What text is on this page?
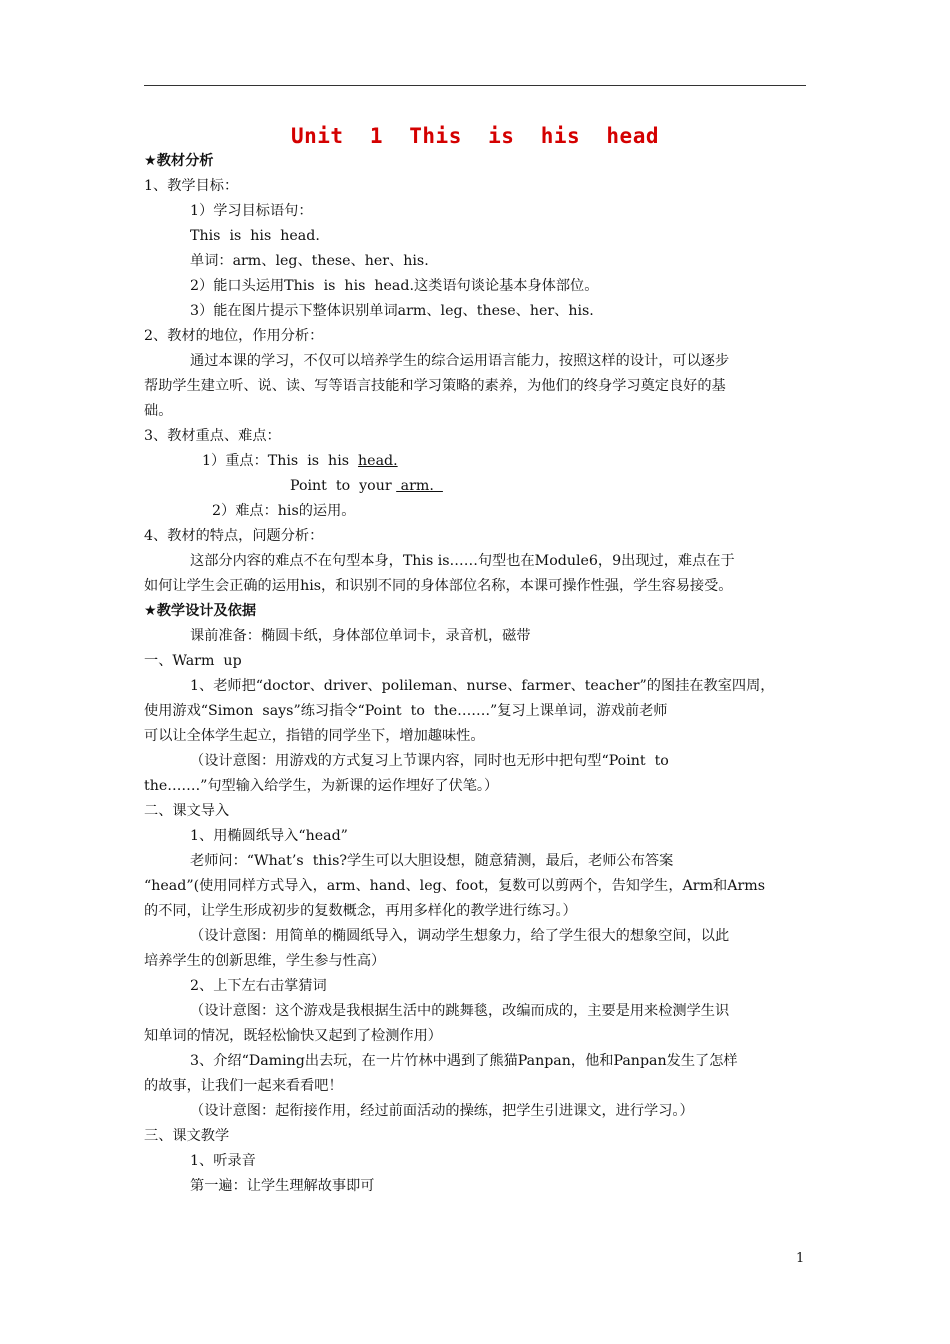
Unit  1  This  is  his  head
★教材分析
1、教学目标：
1）学习目标语句：
This  is  his  head.
单词：arm、leg、these、her、his.
2）能口头运用This  is  his  head.这类语句谈论基本身体部位。
3）能在图片提示下整体识别单词arm、leg、these、her、his.
2、教材的地位，作用分析：
通过本课的学习，不仅可以培养学生的综合运用语言能力，按照这样的设计，可以逐步
帮助学生建立听、说、读、写等语言技能和学习策略的素养，为他们的终身学习奠定良好的基
础。
3、教材重点、难点：
1）重点：This  is  his  head.
Point  to  your  arm.
2）难点：his的运用。
4、教材的特点，问题分析：
这部分内容的难点不在句型本身，This is……句型也在Module6，9出现过，难点在于
如何让学生会正确的运用his，和识别不同的身体部位名称，本课可操作性强，学生容易接受。
★教学设计及依据
课前准备：椭圆卡纸，身体部位单词卡，录音机，磁带
一、Warm  up
1、老师把“doctor、driver、polileman、nurse、farmer、teacher”的图挂在教室四周，
使用游戏“Simon  says”练习指令“Point  to  the…….”复习上课单词，游戏前老师
可以让全体学生起立，指错的同学坐下，增加趣味性。
（设计意图：用游戏的方式复习上节课内容，同时也无形中把句型“Point  to
the…….”句型输入给学生，为新课的运作埋好了伏笔。）
二、课文导入
1、用椭圆纸导入“head”
老师问：“What’s  this?学生可以大胆设想，随意猜测，最后，老师公布答案
“head”(使用同样方式导入，arm、hand、leg、foot，复数可以剪两个，告知学生，Arm和Arms
的不同，让学生形成初步的复数概念，再用多样化的教学进行练习。）
（设计意图：用简单的椭圆纸导入，调动学生想象力，给了学生很大的想象空间，以此
培养学生的创新思维，学生参与性高）
2、上下左右击掌猜词
（设计意图：这个游戏是我根据生活中的跳舞毯，改编而成的，主要是用来检测学生识
知单词的情况，既轻松愉快又起到了检测作用）
3、介绍“Daming出去玩，在一片竹林中遇到了熊猫Panpan，他和Panpan发生了怎样
的故事，让我们一起来看看吧！
（设计意图：起衔接作用，经过前面活动的操练，把学生引进课文，进行学习。）
三、课文教学
1、听录音
第一遍：让学生理解故事即可
1
